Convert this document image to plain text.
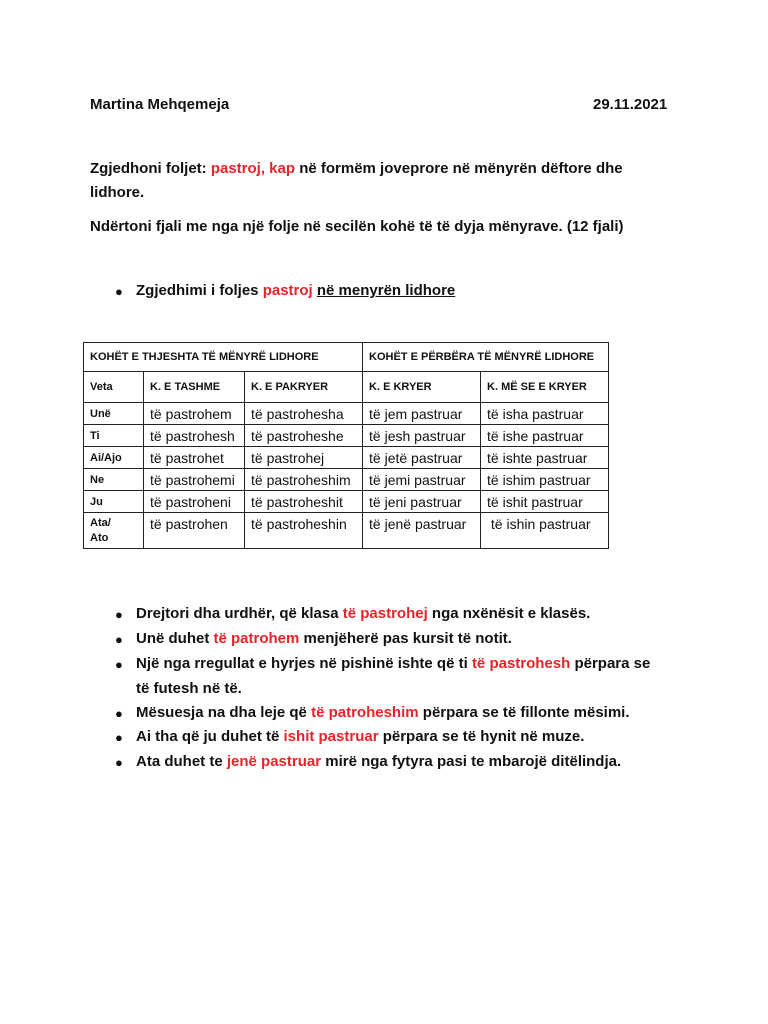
Martina Mehqemeja	29.11.2021
Zgjedhoni foljet: pastroj, kap në formëm joveprore në mënyrën dëftore dhe
lidhore.
Ndërtoni fjali me nga një folje në secilën kohë të të dyja mënyrave. (12 fjali)
● Zgjedhimi i foljes pastroj në menyrën lidhore
KOHËT E THJESHTA TË MËNYRË LIDHORE			KOHËT E PËRBËRA TË MËNYRË LIDHORE	
Veta	K. E TASHME	K. E PAKRYER	K. E KRYER	K. MË SE E KRYER
Unë	të pastrohem	të pastrohesha	të jem pastruar	të isha pastruar
Ti	të pastrohesh	të pastroheshe	të jesh pastruar	të ishe pastruar
Ai/Ajo	të pastrohet	të pastrohej	të jetë pastruar	të ishte pastruar
Ne	të pastrohemi	të pastroheshim	të jemi pastruar	të ishim pastruar
Ju	të pastroheni	të pastroheshit	të jeni pastruar	të ishit pastruar
Ata/
Ato	të pastrohen	të pastroheshin	të jenë pastruar	të ishin pastruar
● Drejtori dha urdhër, që klasa të pastrohej nga nxënësit e klasës.
● Unë duhet të patrohem menjëherë pas kursit të notit.
● Një nga rregullat e hyrjes në pishinë ishte që ti të pastrohesh përpara se
të futesh në të.
● Mësuesja na dha leje që të patroheshim përpara se të fillonte mësimi.
● Ai tha që ju duhet të ishit pastruar përpara se të hynit në muze.
● Ata duhet te jenë pastruar mirë nga fytyra pasi te mbarojë ditëlindja.
